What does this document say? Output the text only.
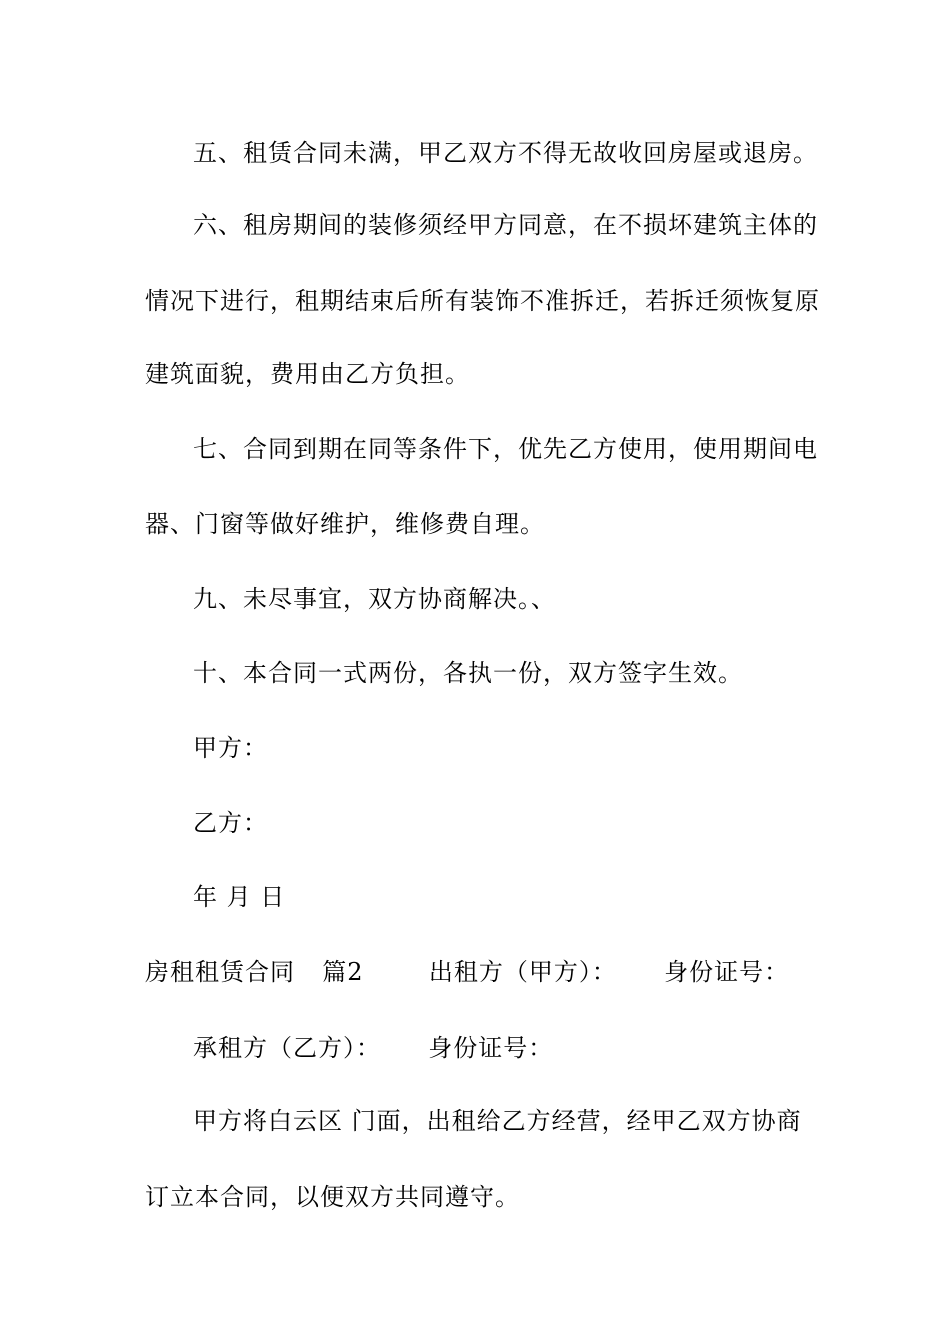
五、租赁合同未满，甲乙双方不得无故收回房屋或退房。
六、租房期间的装修须经甲方同意，在不损坏建筑主体的
情况下进行，租期结束后所有装饰不准拆迁，若拆迁须恢复原
建筑面貌，费用由乙方负担。
七、合同到期在同等条件下，优先乙方使用，使用期间电
器、门窗等做好维护，维修费自理。
九、未尽事宜，双方协商解决。、
十、本合同一式两份，各执一份，双方签字生效。
甲方：
乙方：
年 月 日
房租租赁合同 篇2	出租方（甲方）： 身份证号：
承租方（乙方）： 身份证号：
甲方将白云区 门面，出租给乙方经营，经甲乙双方协商
订立本合同，以便双方共同遵守。
